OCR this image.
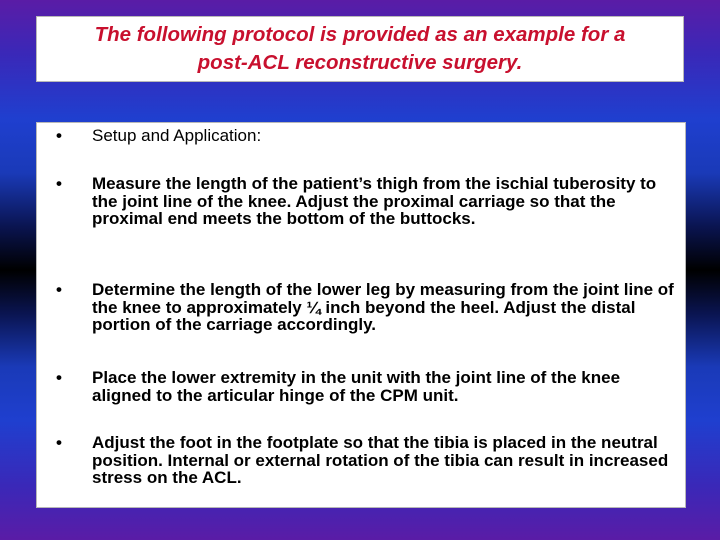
The following protocol is provided as an example for a
post-ACL reconstructive surgery.
• Setup and Application:
• Measure the length of the patient’s thigh from the ischial tuberosity to the joint line of the knee. Adjust the proximal carriage so that the proximal end meets the bottom of the buttocks.
• Determine the length of the lower leg by measuring from the joint line of the knee to approximately ¼ inch beyond the heel. Adjust the distal portion of the carriage accordingly.
• Place the lower extremity in the unit with the joint line of the knee aligned to the articular hinge of the CPM unit.
• Adjust the foot in the footplate so that the tibia is placed in the neutral position. Internal or external rotation of the tibia can result in increased stress on the ACL.
